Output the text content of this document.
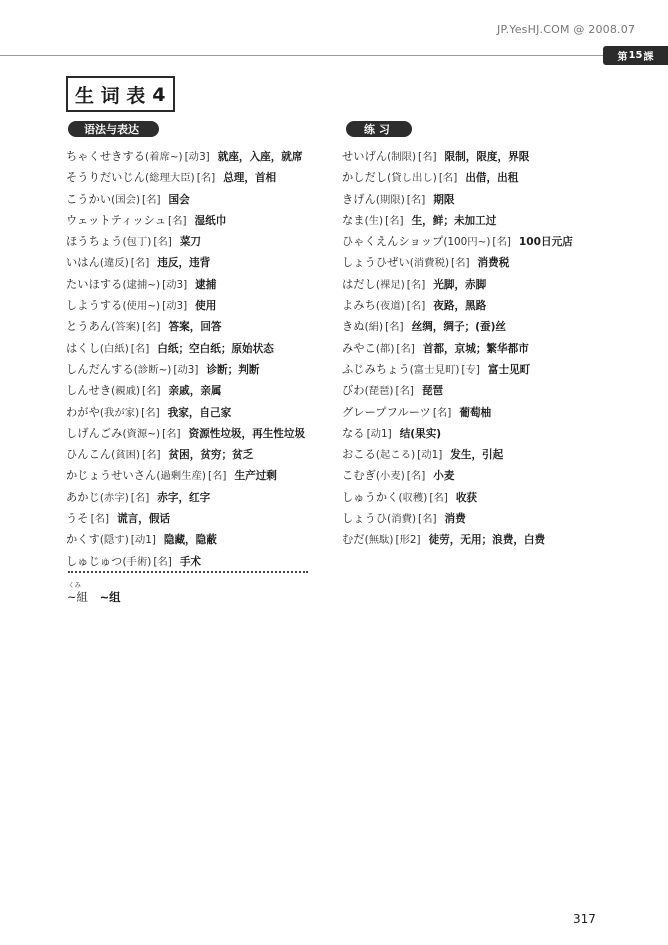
JP.YesHJ.COM @ 2008.07
第 15 課
生 词 表 4
语法与表达	练 习
ちゃくせきする(着席~) [动3] 就座，入座，就席
そうりだいじん(総理大臣) [名] 总理，首相
こうかい(国会) [名] 国会
ウェットティッシュ [名] 湿纸巾
ほうちょう(包丁) [名] 菜刀
いはん(違反) [名] 违反，违背
たいほする(逮捕~) [动3] 逮捕
しようする(使用~) [动3] 使用
とうあん(答案) [名] 答案，回答
はくし(白紙) [名] 白纸；空白纸；原始状态
しんだんする(診断~) [动3] 诊断；判断
しんせき(親戚) [名] 亲戚，亲属
わがや(我が家) [名] 我家，自己家
しげんごみ(資源~) [名] 资源性垃圾，再生性垃圾
ひんこん(貧困) [名] 贫困，贫穷；贫乏
かじょうせいさん(過剰生産) [名] 生产过剩
あかじ(赤字) [名] 赤字，红字
うそ [名] 谎言，假话
かくす(隠す) [动1] 隐藏，隐蔽
しゅじゅつ(手術) [名] 手术
せいげん(制限) [名] 限制，限度，界限
かしだし(貸し出し) [名] 出借，出租
きげん(期限) [名] 期限
なま(生) [名] 生，鲜；未加工过
ひゃくえんショップ(100円~) [名] 100日元店
しょうひぜい(消費税) [名] 消费税
はだし(裸足) [名] 光脚，赤脚
よみち(夜道) [名] 夜路，黑路
きぬ(絹) [名] 丝绸，绸子；(蚕)丝
みやこ(都) [名] 首都，京城；繁华都市
ふじみちょう(富士見町) [专] 富士见町
びわ(琵琶) [名] 琵琶
グレープフルーツ [名] 葡萄柚
なる [动1] 结(果实)
おこる(起こる) [动1] 发生，引起
こむぎ(小麦) [名] 小麦
しゅうかく(収穫) [名] 收获
しょうひ(消費) [名] 消费
むだ(無駄) [形2] 徒劳，无用；浪费，白费
くみ
~組 ~组
317
